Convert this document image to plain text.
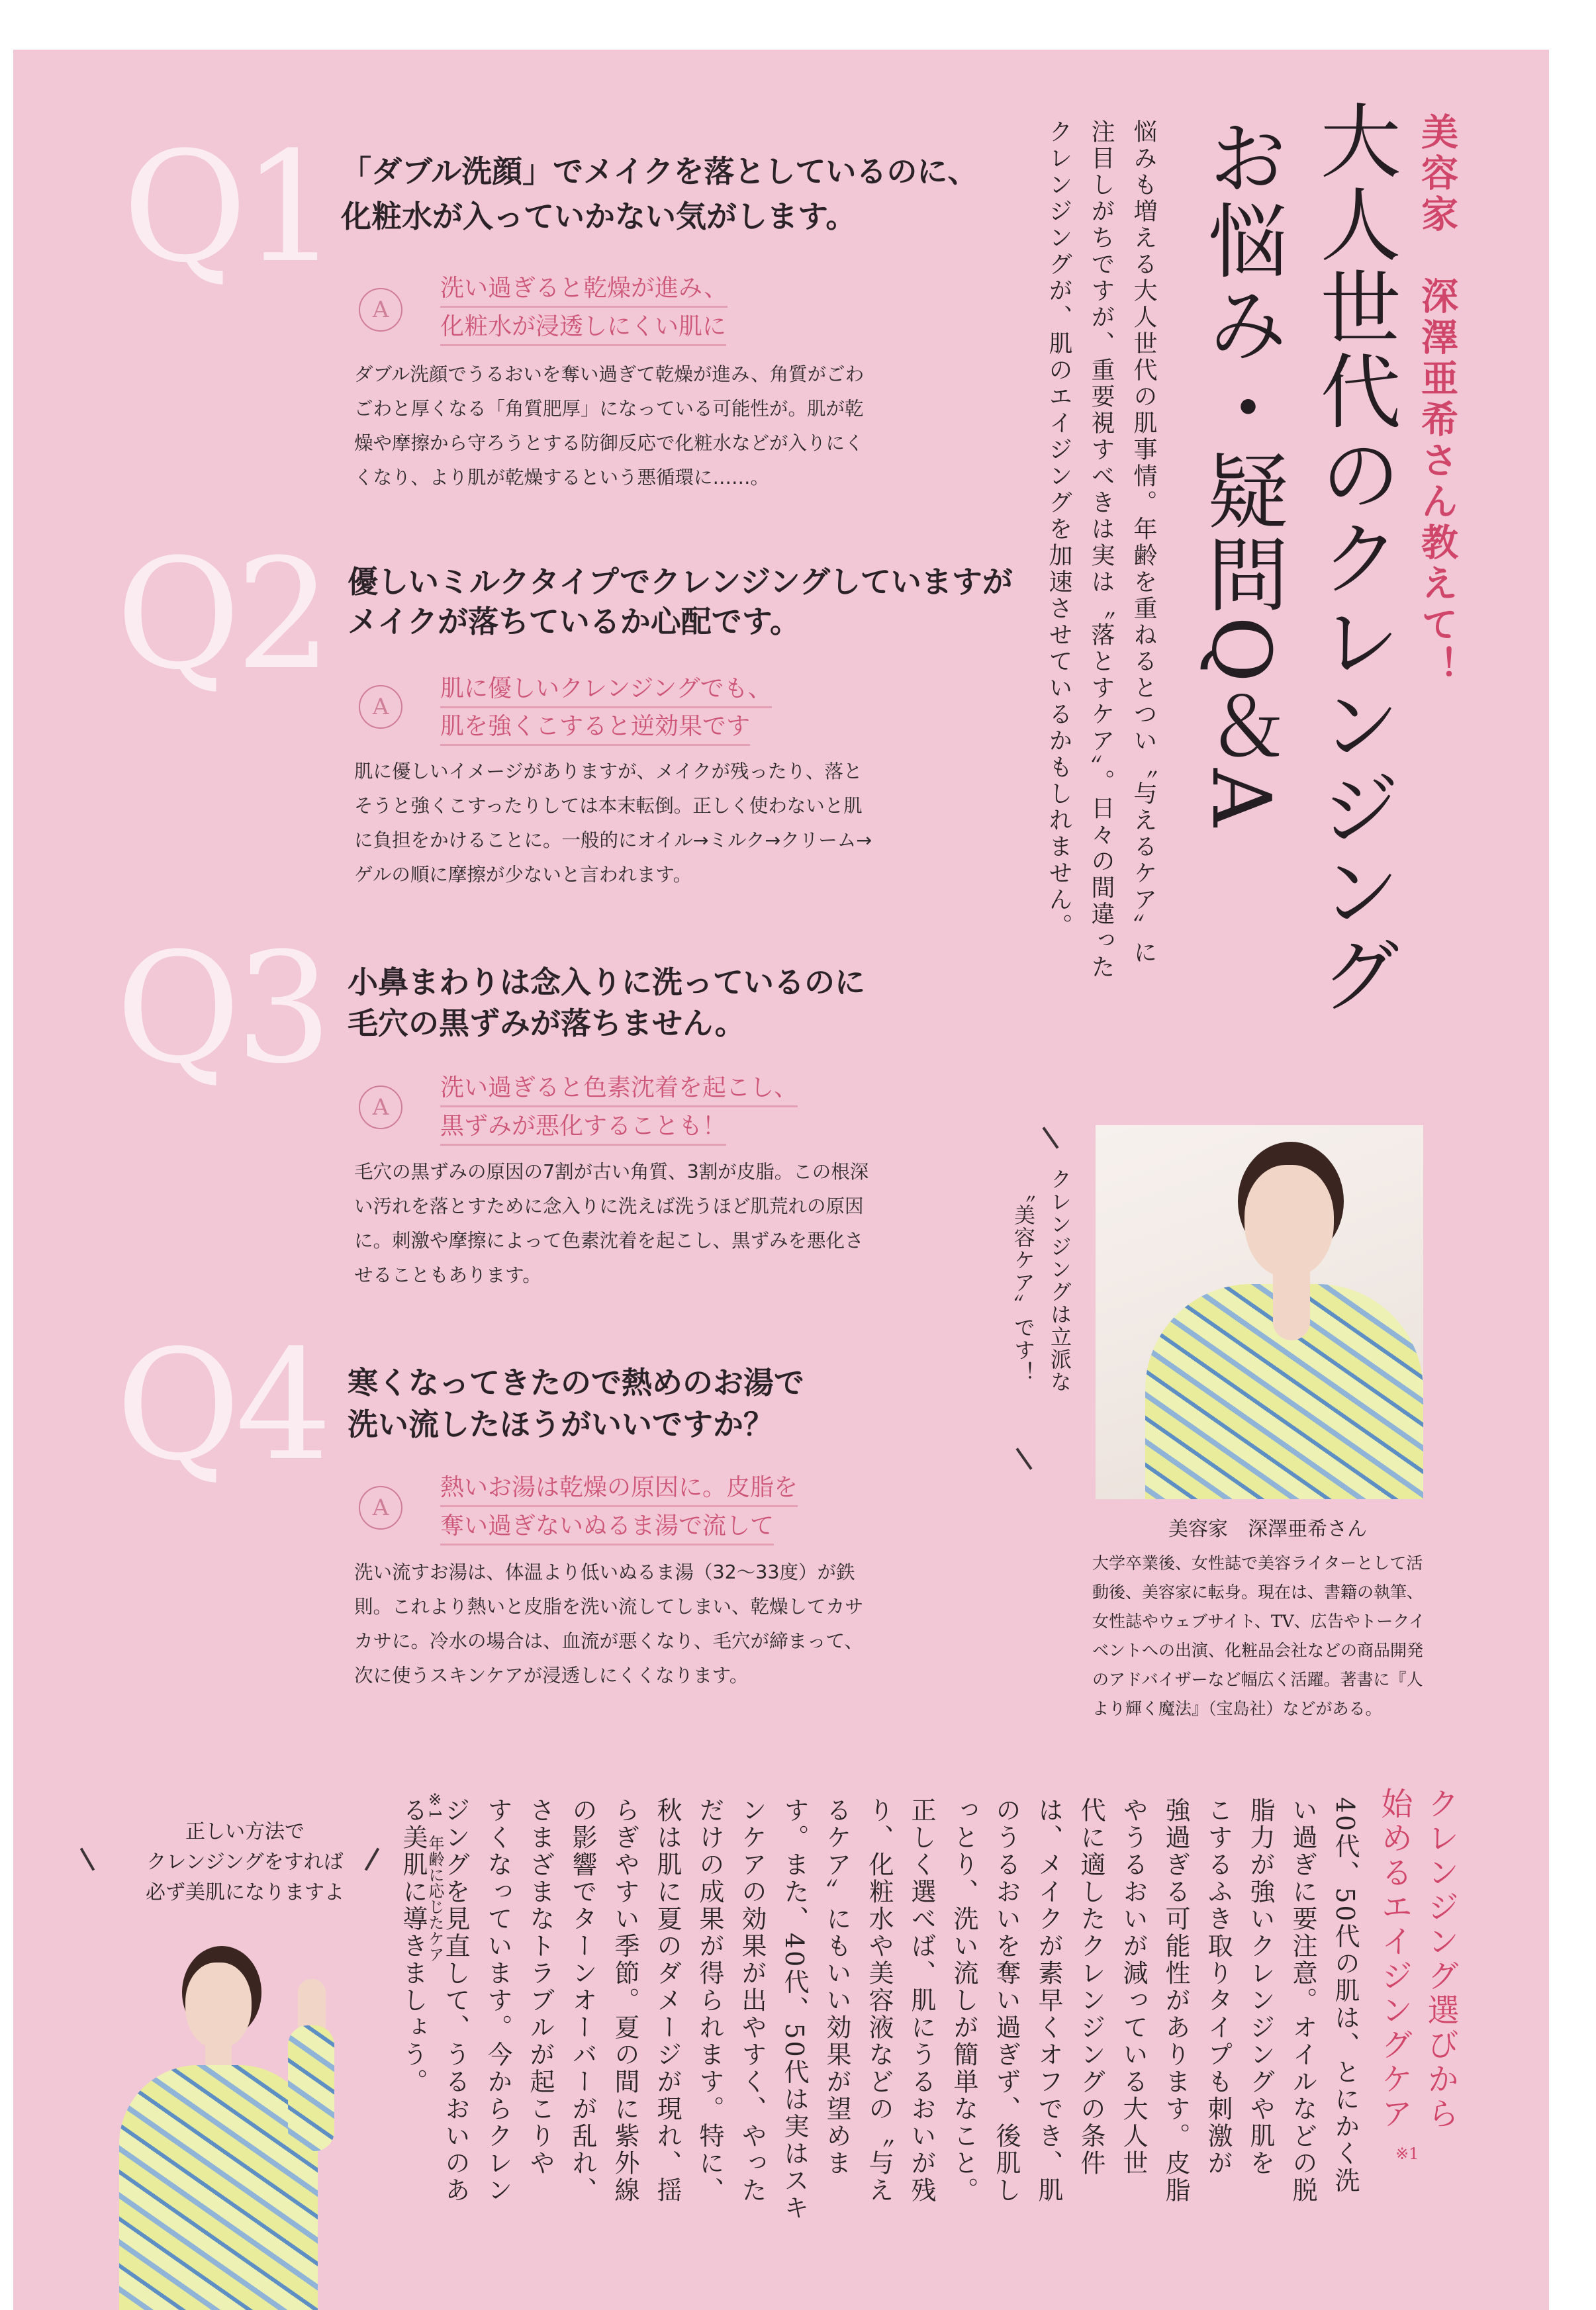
美容家　深澤亜希さん教えて！
大人世代のクレンジング
お悩み・疑問Q＆A
悩みも増える大人世代の肌事情。年齢を重ねるとつい〝与えるケア〟に
注目しがちですが、重要視すべきは実は〝落とすケア〟。日々の間違った
クレンジングが、肌のエイジングを加速させているかもしれません。
Q1 「ダブル洗顔」でメイクを落としているのに、
化粧水が入っていかない気がします。
A
洗い過ぎると乾燥が進み、
化粧水が浸透しにくい肌に
ダブル洗顔でうるおいを奪い過ぎて乾燥が進み、角質がごわごわと厚くなる「角質肥厚」になっている可能性が。肌が乾燥や摩擦から守ろうとする防御反応で化粧水などが入りにくくなり、より肌が乾燥するという悪循環に……。
Q2 優しいミルクタイプでクレンジングしていますが
メイクが落ちているか心配です。
A
肌に優しいクレンジングでも、
肌を強くこすると逆効果です
肌に優しいイメージがありますが、メイクが残ったり、落とそうと強くこすったりしては本末転倒。正しく使わないと肌に負担をかけることに。一般的にオイル→ミルク→クリーム→ゲルの順に摩擦が少ないと言われます。
Q3 小鼻まわりは念入りに洗っているのに
毛穴の黒ずみが落ちません。
A
洗い過ぎると色素沈着を起こし、
黒ずみが悪化することも！
毛穴の黒ずみの原因の7割が古い角質、3割が皮脂。この根深い汚れを落とすために念入りに洗えば洗うほど肌荒れの原因に。刺激や摩擦によって色素沈着を起こし、黒ずみを悪化させることもあります。
Q4 寒くなってきたので熱めのお湯で
洗い流したほうがいいですか？
A
熱いお湯は乾燥の原因に。皮脂を
奪い過ぎないぬるま湯で流して
洗い流すお湯は、体温より低いぬるま湯（32〜33度）が鉄則。これより熱いと皮脂を洗い流してしまい、乾燥してカサカサに。冷水の場合は、血流が悪くなり、毛穴が締まって、次に使うスキンケアが浸透しにくくなります。
クレンジングは立派な
〝美容ケア〟です！
美容家　深澤亜希さん
大学卒業後、女性誌で美容ライターとして活動後、美容家に転身。現在は、書籍の執筆、女性誌やウェブサイト、TV、広告やトークイベントへの出演、化粧品会社などの商品開発のアドバイザーなど幅広く活躍。著書に『人より輝く魔法』（宝島社）などがある。
クレンジング選びから
始めるエイジングケア
※1
40代、50代の肌は、とにかく洗
い過ぎに要注意。オイルなどの脱
脂力が強いクレンジングや肌を
こするふき取りタイプも刺激が
強過ぎる可能性があります。皮脂
やうるおいが減っている大人世
代に適したクレンジングの条件
は、メイクが素早くオフでき、肌
のうるおいを奪い過ぎず、後肌し
っとり、洗い流しが簡単なこと。
正しく選べば、肌にうるおいが残
り、化粧水や美容液などの〝与え
るケア〟にもいい効果が望めま
す。また、40代、50代は実はスキ
ンケアの効果が出やすく、やった
だけの成果が得られます。特に、
秋は肌に夏のダメージが現れ、揺
らぎやすい季節。夏の間に紫外線
の影響でターンオーバーが乱れ、
さまざまなトラブルが起こりや
すくなっています。今からクレン
ジングを見直して、うるおいのあ
る美肌に導きましょう。
※1　年齢に応じたケア
正しい方法で
クレンジングをすれば
必ず美肌になりますよ
